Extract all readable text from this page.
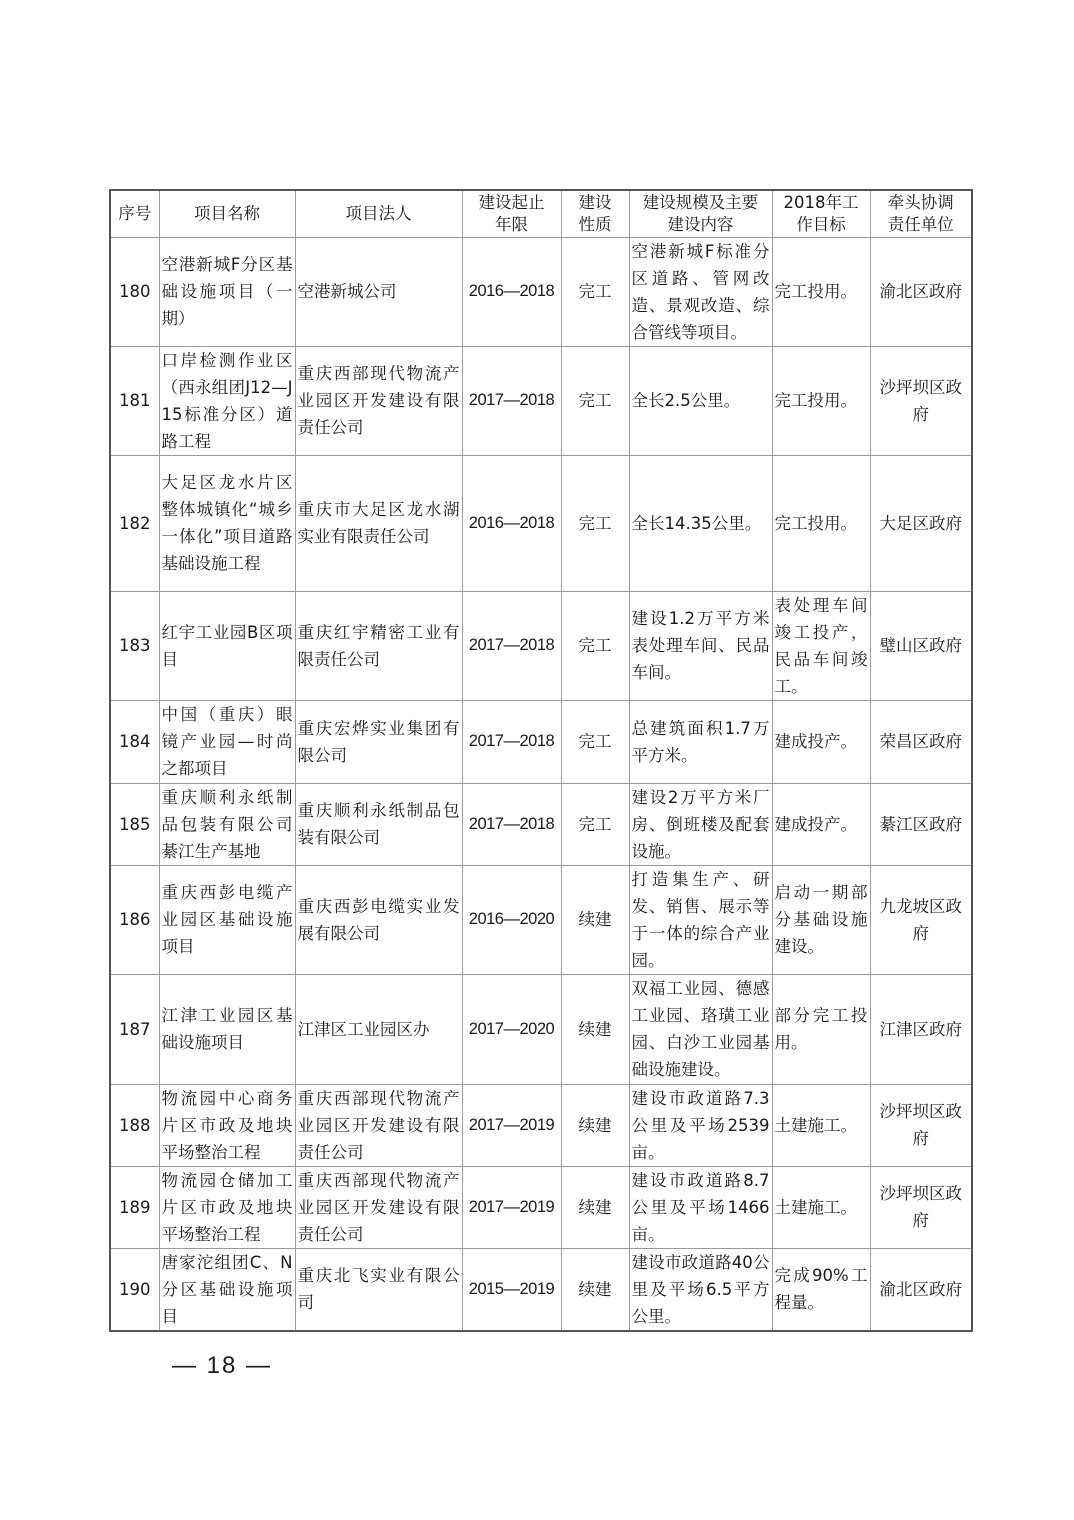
序号	项目名称	项目法人	建设起止年限	建设性质	建设规模及主要建设内容	2018年工作目标	牵头协调责任单位
180	空港新城F分区基础设施项目（一期）	空港新城公司	2016—2018	完工	空港新城F标准分区道路、管网改造、景观改造、综合管线等项目。	完工投用。	渝北区政府
181	口岸检测作业区（西永组团J12—J15标准分区）道路工程	重庆西部现代物流产业园区开发建设有限责任公司	2017—2018	完工	全长2.5公里。	完工投用。	沙坪坝区政府
182	大足区龙水片区整体城镇化“城乡一体化”项目道路基础设施工程	重庆市大足区龙水湖实业有限责任公司	2016—2018	完工	全长14.35公里。	完工投用。	大足区政府
183	红宇工业园B区项目	重庆红宇精密工业有限责任公司	2017—2018	完工	建设1.2万平方米表处理车间、民品车间。	表处理车间竣工投产，民品车间竣工。	璧山区政府
184	中国（重庆）眼镜产业园—时尚之都项目	重庆宏烨实业集团有限公司	2017—2018	完工	总建筑面积1.7万平方米。	建成投产。	荣昌区政府
185	重庆顺利永纸制品包装有限公司綦江生产基地	重庆顺利永纸制品包装有限公司	2017—2018	完工	建设2万平方米厂房、倒班楼及配套设施。	建成投产。	綦江区政府
186	重庆西彭电缆产业园区基础设施项目	重庆西彭电缆实业发展有限公司	2016—2020	续建	打造集生产、研发、销售、展示等于一体的综合产业园。	启动一期部分基础设施建设。	九龙坡区政府
187	江津工业园区基础设施项目	江津区工业园区办	2017—2020	续建	双福工业园、德感工业园、珞璜工业园、白沙工业园基础设施建设。	部分完工投用。	江津区政府
188	物流园中心商务片区市政及地块平场整治工程	重庆西部现代物流产业园区开发建设有限责任公司	2017—2019	续建	建设市政道路7.3公里及平场2539亩。	土建施工。	沙坪坝区政府
189	物流园仓储加工片区市政及地块平场整治工程	重庆西部现代物流产业园区开发建设有限责任公司	2017—2019	续建	建设市政道路8.7公里及平场1466亩。	土建施工。	沙坪坝区政府
190	唐家沱组团C、N分区基础设施项目	重庆北飞实业有限公司	2015—2019	续建	建设市政道路40公里及平场6.5平方公里。	完成90%工程量。	渝北区政府
— 18 —
